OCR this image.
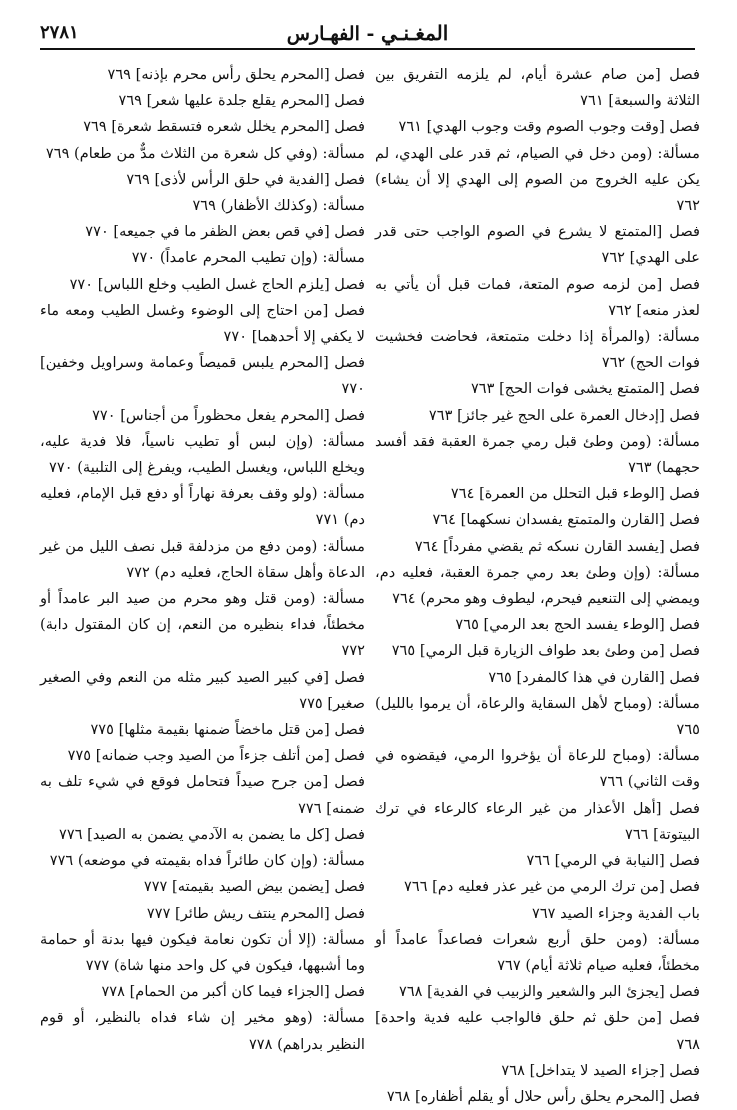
المغـنـي - الفهـارس
٢٧٨١

فصل [من صام عشرة أيام، لم يلزمه التفريق بين الثلاثة والسبعة] ٧٦١

فصل [وقت وجوب الصوم وقت وجوب الهدي] ٧٦١

مسألة: (ومن دخل في الصيام، ثم قدر على الهدي، لم يكن عليه الخروج من الصوم إلى الهدي إلا أن يشاء) ٧٦٢

فصل [المتمتع لا يشرع في الصوم الواجب حتى قدر على الهدي] ٧٦٢

فصل [من لزمه صوم المتعة، فمات قبل أن يأتي به لعذر منعه] ٧٦٢

مسألة: (والمرأة إذا دخلت متمتعة، فحاضت فخشيت فوات الحج) ٧٦٢

فصل [المتمتع يخشى فوات الحج] ٧٦٣

فصل [إدخال العمرة على الحج غير جائز] ٧٦٣

مسألة: (ومن وطئ قبل رمي جمرة العقبة فقد أفسد حجهما) ٧٦٣

فصل [الوطء قبل التحلل من العمرة] ٧٦٤

فصل [القارن والمتمتع يفسدان نسكهما] ٧٦٤

فصل [يفسد القارن نسكه ثم يقضي مفرداً] ٧٦٤

مسألة: (وإن وطئ بعد رمي جمرة العقبة، فعليه دم، ويمضي إلى التنعيم فيحرم، ليطوف وهو محرم) ٧٦٤

فصل [الوطء يفسد الحج بعد الرمي] ٧٦٥

فصل [من وطئ بعد طواف الزيارة قبل الرمي] ٧٦٥

فصل [القارن في هذا كالمفرد] ٧٦٥

مسألة: (ومباح لأهل السقاية والرعاة، أن يرموا بالليل) ٧٦٥

مسألة: (ومباح للرعاة أن يؤخروا الرمي، فيقضوه في وقت الثاني) ٧٦٦

فصل [أهل الأعذار من غير الرعاء كالرعاء في ترك البيتوتة] ٧٦٦

فصل [النيابة في الرمي] ٧٦٦

فصل [من ترك الرمي من غير عذر فعليه دم] ٧٦٦

باب الفدية وجزاء الصيد ٧٦٧

مسألة: (ومن حلق أربع شعرات فصاعداً عامداً أو مخطئاً، فعليه صيام ثلاثة أيام) ٧٦٧

فصل [يجزئ البر والشعير والزبيب في الفدية] ٧٦٨

فصل [من حلق ثم حلق فالواجب عليه فدية واحدة] ٧٦٨

فصل [جزاء الصيد لا يتداخل] ٧٦٨

فصل [المحرم يحلق رأس حلال أو يقلم أظفاره] ٧٦٨

فصل [المحرم يحلق رأس محرم بإذنه] ٧٦٩

فصل [المحرم يقلع جلدة عليها شعر] ٧٦٩

فصل [المحرم يخلل شعره فتسقط شعرة] ٧٦٩

مسألة: (وفي كل شعرة من الثلاث مدٌّ من طعام) ٧٦٩

فصل [الفدية في حلق الرأس لأذى] ٧٦٩

مسألة: (وكذلك الأظفار) ٧٦٩

فصل [في قص بعض الظفر ما في جميعه] ٧٧٠

مسألة: (وإن تطيب المحرم عامداً) ٧٧٠

فصل [يلزم الحاج غسل الطيب وخلع اللباس] ٧٧٠

فصل [من احتاج إلى الوضوء وغسل الطيب ومعه ماء لا يكفي إلا أحدهما] ٧٧٠

فصل [المحرم يلبس قميصاً وعمامة وسراويل وخفين] ٧٧٠

فصل [المحرم يفعل محظوراً من أجناس] ٧٧٠

مسألة: (وإن لبس أو تطيب ناسياً، فلا فدية عليه، ويخلع اللباس، ويغسل الطيب، ويفرغ إلى التلبية) ٧٧٠

مسألة: (ولو وقف بعرفة نهاراً أو دفع قبل الإمام، فعليه دم) ٧٧١

مسألة: (ومن دفع من مزدلفة قبل نصف الليل من غير الدعاة وأهل سقاة الحاج، فعليه دم) ٧٧٢

مسألة: (ومن قتل وهو محرم من صيد البر عامداً أو مخطئاً، فداء بنظيره من النعم، إن كان المقتول دابة) ٧٧٢

فصل [في كبير الصيد كبير مثله من النعم وفي الصغير صغير] ٧٧٥

فصل [من قتل ماخضاً ضمنها بقيمة مثلها] ٧٧٥

فصل [من أتلف جزءاً من الصيد وجب ضمانه] ٧٧٥

فصل [من جرح صيداً فتحامل فوقع في شيء تلف به ضمنه] ٧٧٦

فصل [كل ما يضمن به الآدمي يضمن به الصيد] ٧٧٦

مسألة: (وإن كان طائراً فداه بقيمته في موضعه) ٧٧٦

فصل [يضمن بيض الصيد بقيمته] ٧٧٧

فصل [المحرم ينتف ريش طائر] ٧٧٧

مسألة: (إلا أن تكون نعامة فيكون فيها بدنة أو حمامة وما أشبهها، فيكون في كل واحد منها شاة) ٧٧٧

فصل [الجزاء فيما كان أكبر من الحمام] ٧٧٨

مسألة: (وهو مخير إن شاء فداه بالنظير، أو قوم النظير بدراهم) ٧٧٨
